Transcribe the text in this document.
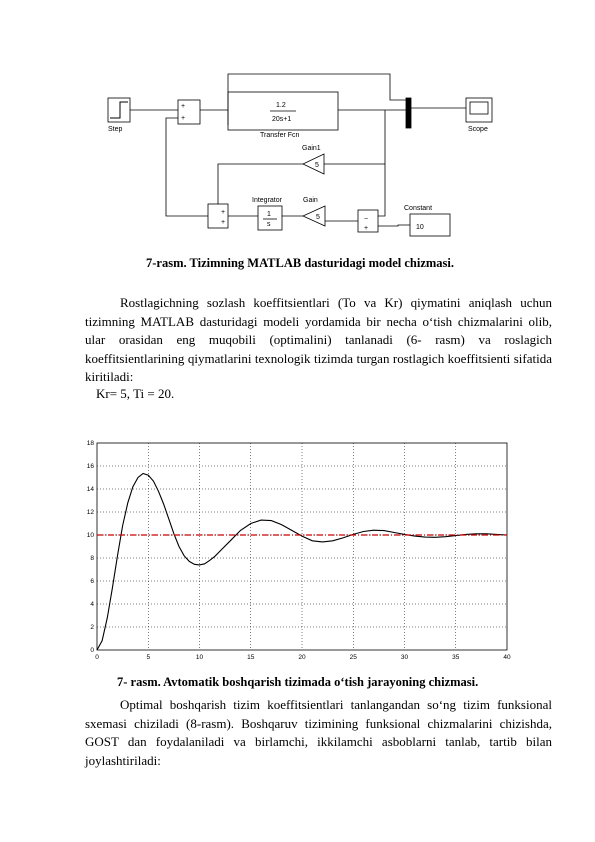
Step
+
+
1.2
20s+1
Transfer Fcn
Scope
Gain1
5
Integrator
1
s
Gain
5
+
+	−
+
Constant
10
7-rasm. Tizimning MATLAB dasturidagi model chizmasi.
Rostlagichning sozlash koeffitsientlari (To va Kr) qiymatini aniqlash uchun tizimning MATLAB dasturidagi modeli yordamida bir necha o‘tish chizmalarini olib, ular orasidan eng muqobili (optimalini) tanlanadi (6- rasm) va roslagich koeffitsientlarining qiymatlarini texnologik tizimda turgan rostlagich koeffitsienti sifatida kiritiladi:
Kr= 5, Ti = 20.
0	5	10	15	20	25	30	35	40
0
2
4
6
8
10
12
14
16
18
7- rasm. Avtomatik boshqarish tizimada o‘tish jarayoning chizmasi.
Optimal boshqarish tizim koeffitsientlari tanlangandan so‘ng tizim funksional sxemasi chiziladi (8-rasm). Boshqaruv tizimining funksional chizmalarini chizishda, GOST dan foydalaniladi va birlamchi, ikkilamchi asboblarni tanlab, tartib bilan joylashtiriladi:
